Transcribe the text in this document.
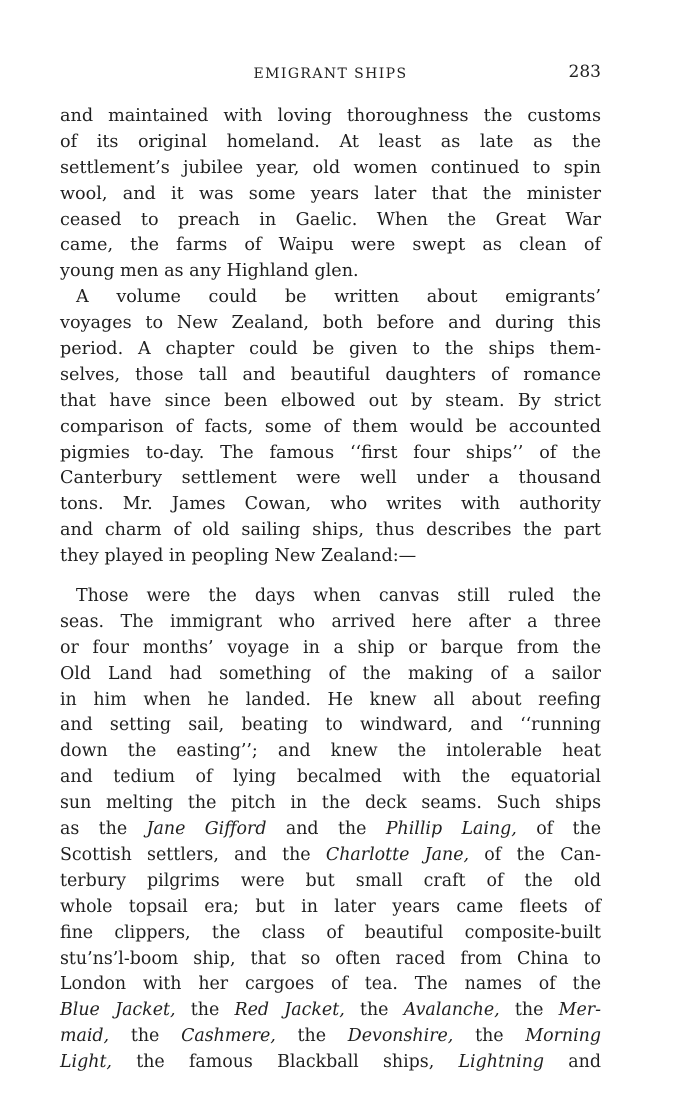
EMIGRANT SHIPS	283
and maintained with loving thoroughness the customs
of its original homeland. At least as late as the
settlement’s jubilee year, old women continued to spin
wool, and it was some years later that the minister
ceased to preach in Gaelic. When the Great War
came, the farms of Waipu were swept as clean of
young men as any Highland glen.
A volume could be written about emigrants’
voyages to New Zealand, both before and during this
period. A chapter could be given to the ships them-
selves, those tall and beautiful daughters of romance
that have since been elbowed out by steam. By strict
comparison of facts, some of them would be accounted
pigmies to-day. The famous ‘‘first four ships’’ of the
Canterbury settlement were well under a thousand
tons. Mr. James Cowan, who writes with authority
and charm of old sailing ships, thus describes the part
they played in peopling New Zealand:—
Those were the days when canvas still ruled the
seas. The immigrant who arrived here after a three
or four months’ voyage in a ship or barque from the
Old Land had something of the making of a sailor
in him when he landed. He knew all about reefing
and setting sail, beating to windward, and ‘‘running
down the easting’’; and knew the intolerable heat
and tedium of lying becalmed with the equatorial
sun melting the pitch in the deck seams. Such ships
as the Jane Gifford and the Phillip Laing, of the
Scottish settlers, and the Charlotte Jane, of the Can-
terbury pilgrims were but small craft of the old
whole topsail era; but in later years came fleets of
fine clippers, the class of beautiful composite-built
stu’ns’l-boom ship, that so often raced from China to
London with her cargoes of tea. The names of the
Blue Jacket, the Red Jacket, the Avalanche, the Mer-
maid, the Cashmere, the Devonshire, the Morning
Light, the famous Blackball ships, Lightning and
